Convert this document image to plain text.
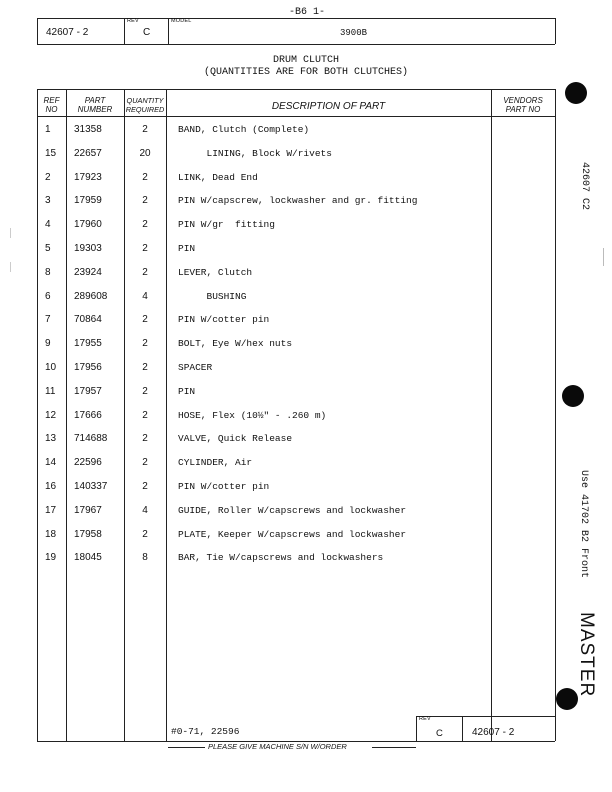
-B6 1-
42607 - 2
REV
C
MODEL
3900B
DRUM CLUTCH
(QUANTITIES ARE FOR BOTH CLUTCHES)
REF
NO
PART
NUMBER
QUANTITY
REQUIRED	DESCRIPTION OF PART
VENDORS
PART NO
1	31358	2	BAND, Clutch (Complete)
15	22657	20	LINING, Block W/rivets
2	17923	2	LINK, Dead End
3	17959	2	PIN W/capscrew, lockwasher and gr. fitting
4	17960	2	PIN W/gr  fitting
5	19303	2	PIN
8	23924	2	LEVER, Clutch
6	289608	4	BUSHING
7	70864	2	PIN W/cotter pin
9	17955	2	BOLT, Eye W/hex nuts
10	17956	2	SPACER
11	17957	2	PIN
12	17666	2	HOSE, Flex (10½" - .260 m)
13	714688	2	VALVE, Quick Release
14	22596	2	CYLINDER, Air
16	140337	2	PIN W/cotter pin
17	17967	4	GUIDE, Roller W/capscrews and lockwasher
18	17958	2	PLATE, Keeper W/capscrews and lockwasher
19	18045	8	BAR, Tie W/capscrews and lockwashers
#0-71, 22596
REV
C	42607 - 2
PLEASE GIVE MACHINE S/N W/ORDER
42607 C2
Use 41702 B2 Front
MASTER
